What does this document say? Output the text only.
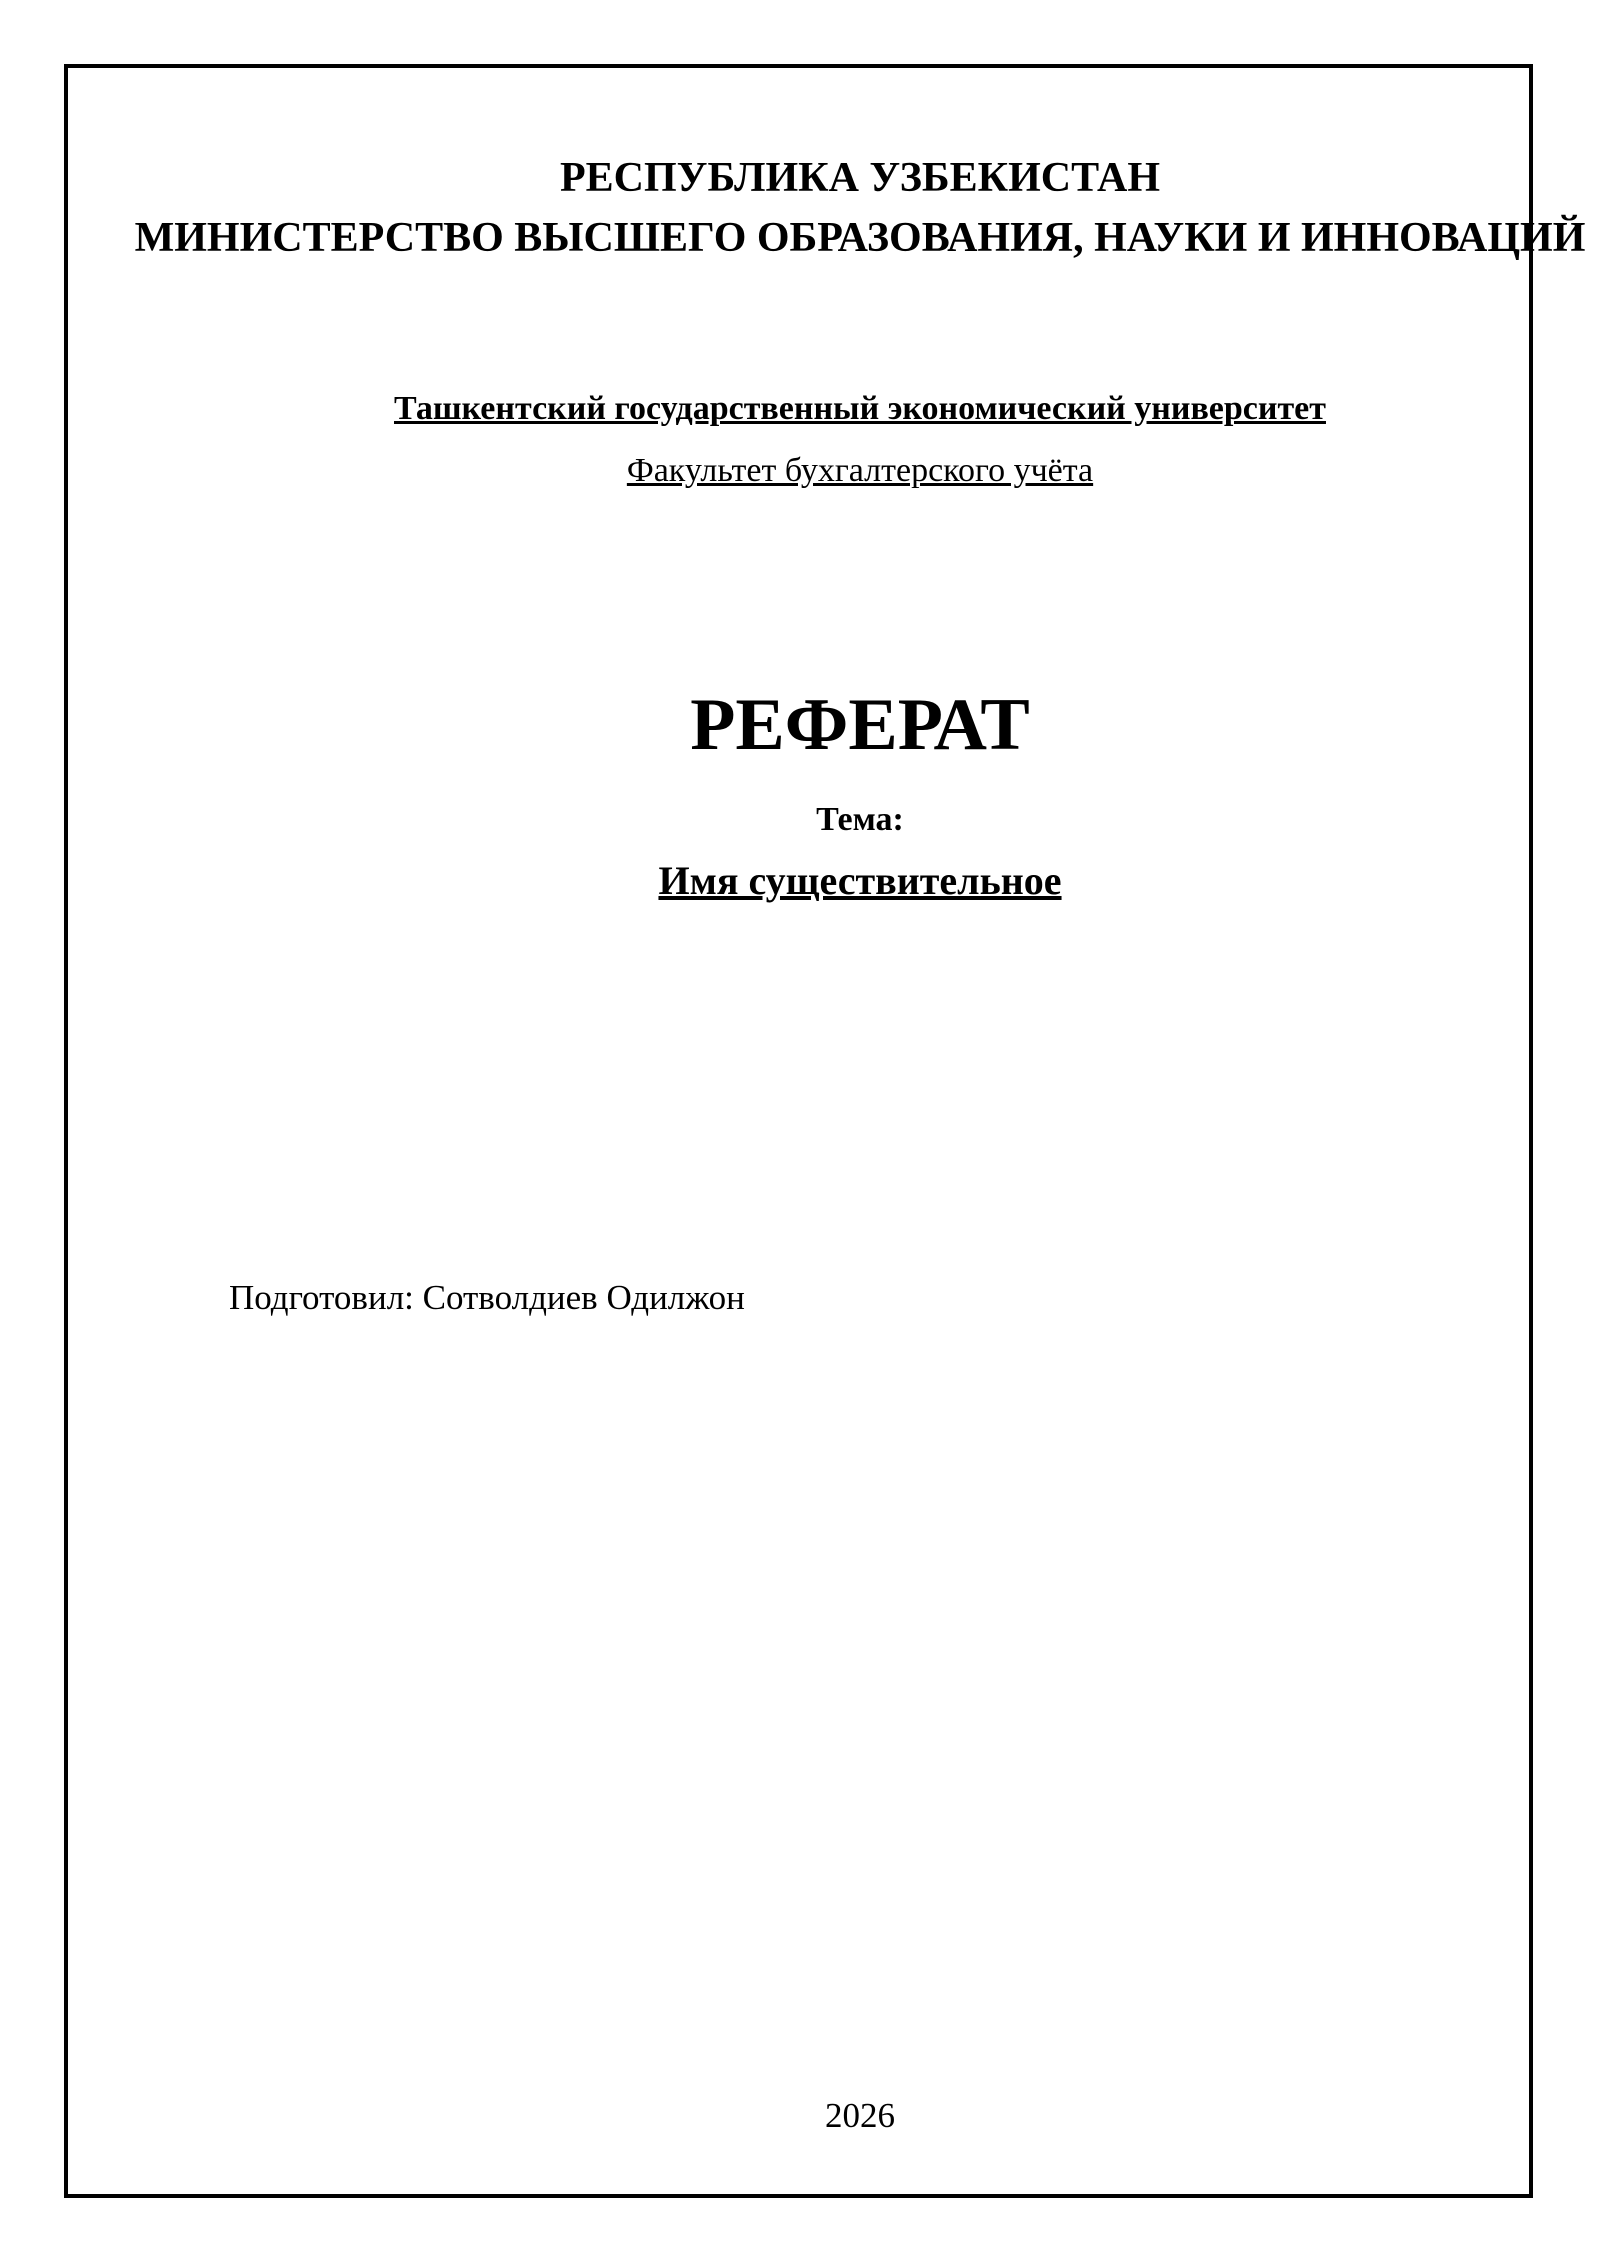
РЕСПУБЛИКА УЗБЕКИСТАН
МИНИСТЕРСТВО ВЫСШЕГО ОБРАЗОВАНИЯ, НАУКИ И ИННОВАЦИЙ
Ташкентский государственный экономический университет
Факультет бухгалтерского учёта
РЕФЕРАТ
Тема:
Имя существительное
Подготовил: Сотволдиев Одилжон
2026
